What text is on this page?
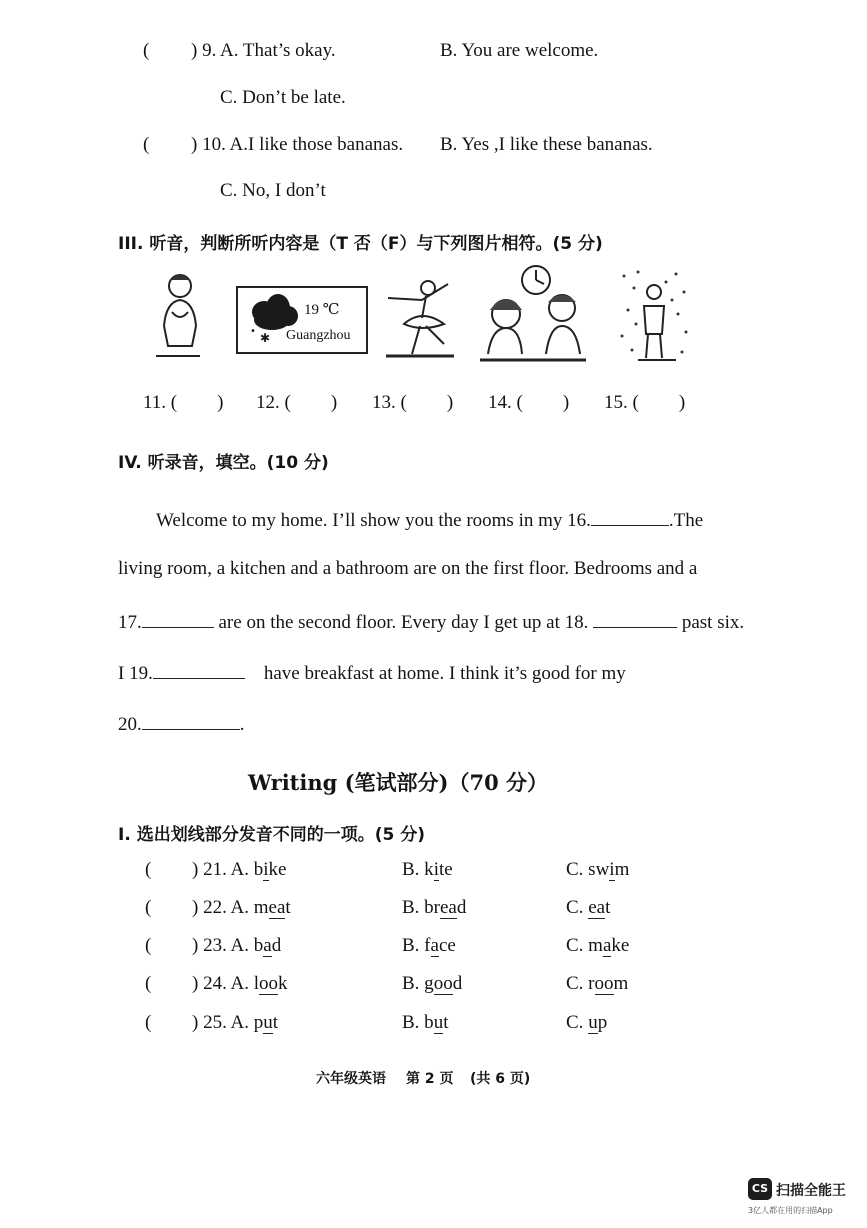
( ) 9. A. That’s okay.	B. You are welcome.
C. Don’t be late.
( ) 10. A.I like those bananas. B. Yes ,I like these bananas.
C. No, I don’t
III. 听音，判断所听内容是（T 否（F）与下列图片相符。(5 分)
✱
•
19 ℃
Guangzhou
11. ( ) 12. ( ) 13. ( ) 14. ( ) 15. ( )
IV. 听录音，填空。(10 分)
Welcome to my home. I’ll show you the rooms in my 16.	.The
living room, a kitchen and a bathroom are on the first floor. Bedrooms and a
17.	are on the second floor. Every day I get up at 18.	past six.
I 19.	have breakfast at home. I think it’s good for my
20.	.
Writing (笔试部分)（70 分）
I. 选出划线部分发音不同的一项。(5 分)
( ) 21. A. bike	B. kite	C. swim
( ) 22. A. meat	B. bread	C. eat
( ) 23. A. bad	B. face	C. make
( ) 24. A. look	B. good	C. room
( ) 25. A. put	B. but	C. up
六年级英语 第 2 页 (共 6 页)
CS 扫描全能王
3亿人都在用的扫描App
